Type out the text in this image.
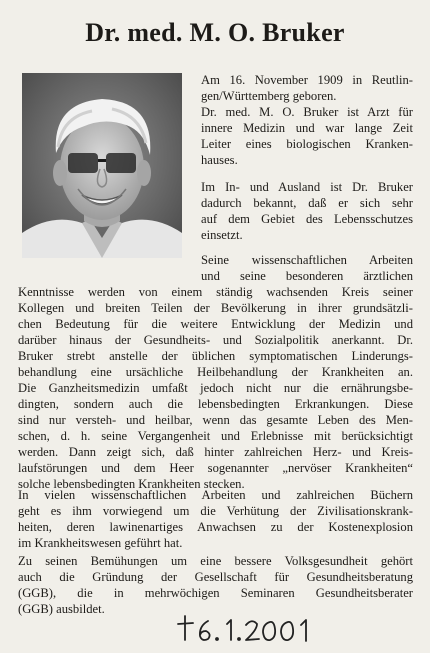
Dr. med. M. O. Bruker

Am 16. November 1909 in Reutlin-

gen/Württemberg geboren.

Dr. med. M. O. Bruker ist Arzt für

innere Medizin und war lange Zeit

Leiter eines biologischen Kranken-

hauses.

Im In- und Ausland ist Dr. Bruker

dadurch bekannt, daß er sich sehr

auf dem Gebiet des Lebensschutzes

einsetzt.

Seine wissenschaftlichen Arbeiten

und seine besonderen ärztlichen

Kenntnisse werden von einem ständig wachsenden Kreis seiner

Kollegen und breiten Teilen der Bevölkerung in ihrer grundsätzli-

chen Bedeutung für die weitere Entwicklung der Medizin und

darüber hinaus der Gesundheits- und Sozialpolitik anerkannt. Dr.

Bruker strebt anstelle der üblichen symptomatischen Linderungs-

behandlung eine ursächliche Heilbehandlung der Krankheiten an.

Die Ganzheitsmedizin umfaßt jedoch nicht nur die ernährungsbe-

dingten, sondern auch die lebensbedingten Erkrankungen. Diese

sind nur versteh- und heilbar, wenn das gesamte Leben des Men-

schen, d. h. seine Vergangenheit und Erlebnisse mit berücksichtigt

werden. Dann zeigt sich, daß hinter zahlreichen Herz- und Kreis-

laufstörungen und dem Heer sogenannter „nervöser Krankheiten“

solche lebensbedingten Krankheiten stecken.

In vielen wissenschaftlichen Arbeiten und zahlreichen Büchern

geht es ihm vorwiegend um die Verhütung der Zivilisationskrank-

heiten, deren lawinenartiges Anwachsen zu der Kostenexplosion

im Krankheitswesen geführt hat.

Zu seinen Bemühungen um eine bessere Volksgesundheit gehört

auch die Gründung der Gesellschaft für Gesundheitsberatung

(GGB), die in mehrwöchigen Seminaren Gesundheitsberater

(GGB) ausbildet.
